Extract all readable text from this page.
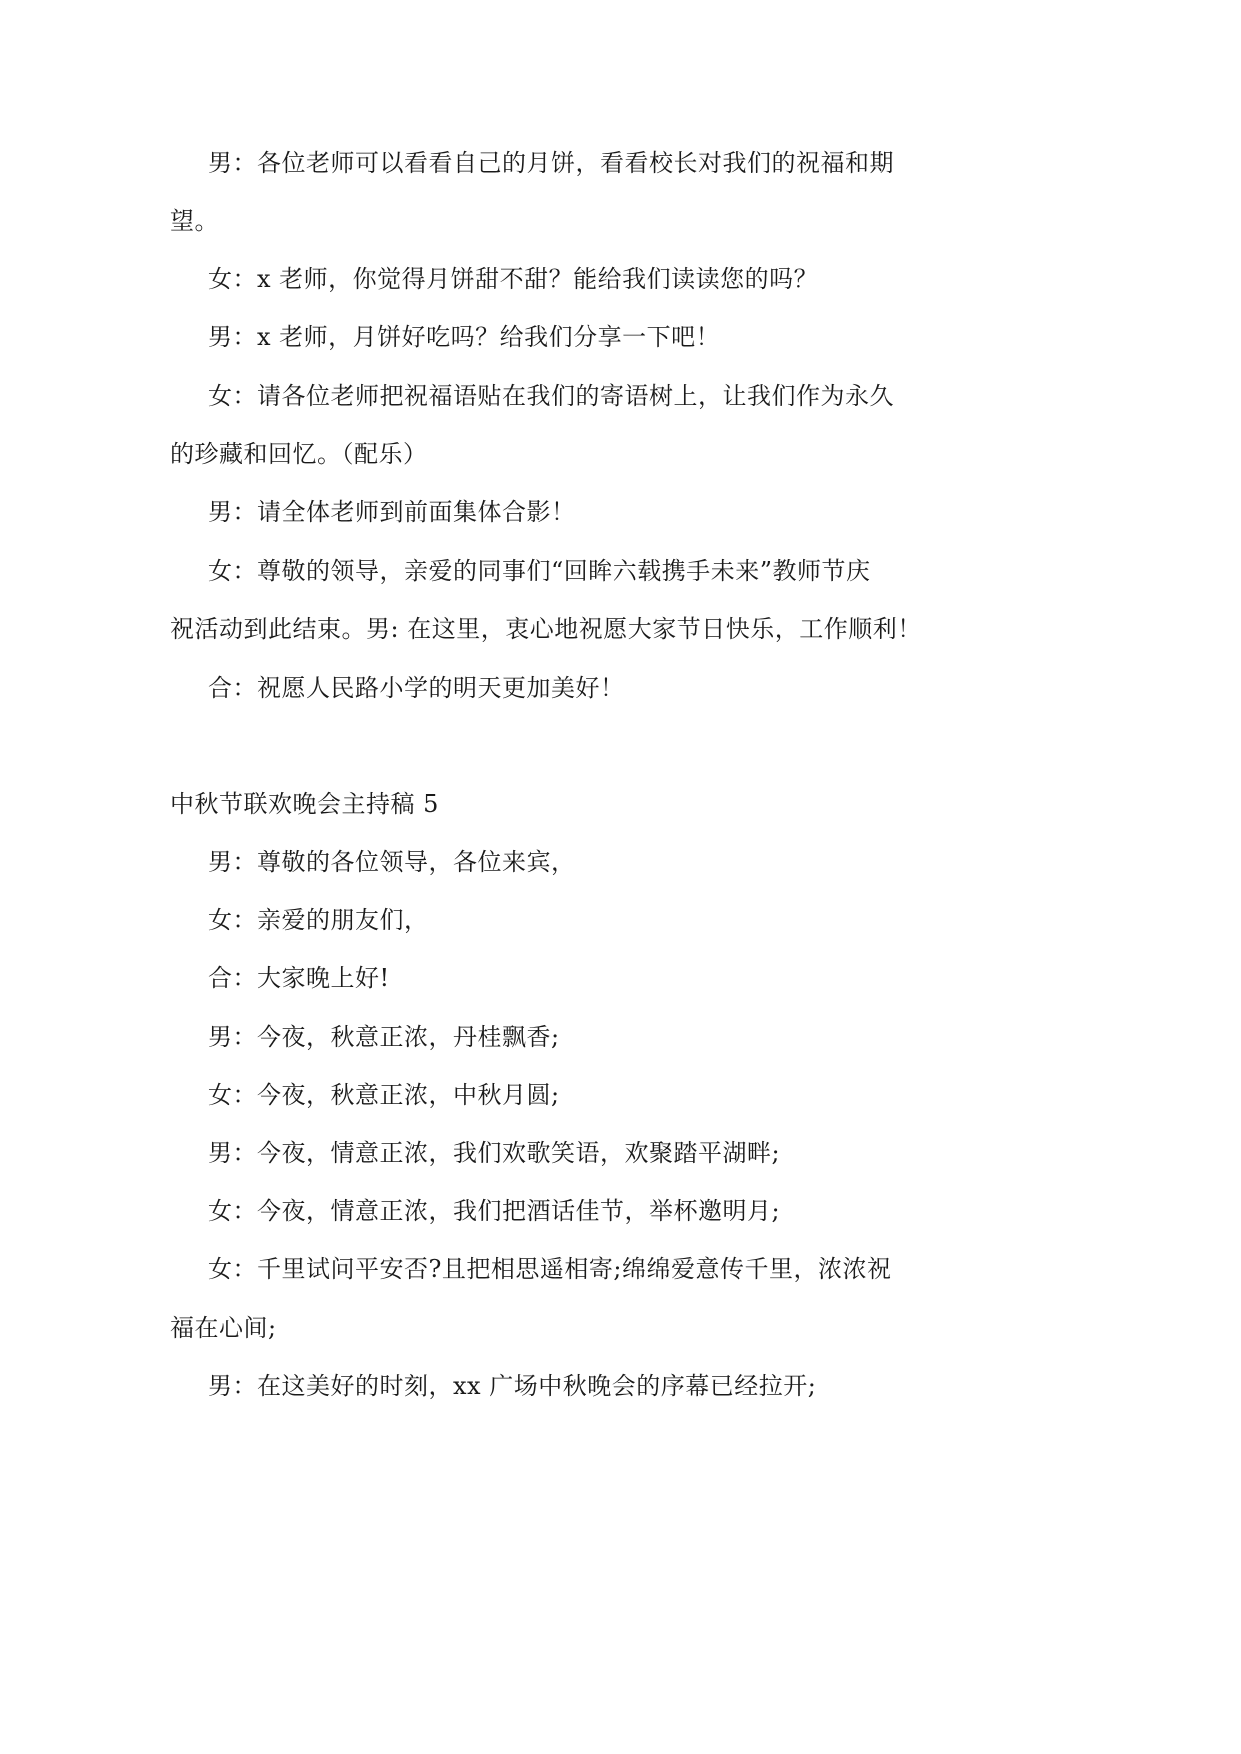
男：各位老师可以看看自己的月饼，看看校长对我们的祝福和期
望。
女：x 老师，你觉得月饼甜不甜？能给我们读读您的吗？
男：x 老师，月饼好吃吗？给我们分享一下吧！
女：请各位老师把祝福语贴在我们的寄语树上，让我们作为永久
的珍藏和回忆。（配乐）
男：请全体老师到前面集体合影！
女：尊敬的领导，亲爱的同事们“回眸六载携手未来”教师节庆
祝活动到此结束。男: 在这里，衷心地祝愿大家节日快乐，工作顺利！
合：祝愿人民路小学的明天更加美好！
中秋节联欢晚会主持稿 5
男：尊敬的各位领导，各位来宾，
女：亲爱的朋友们，
合：大家晚上好!
男：今夜，秋意正浓，丹桂飘香;
女：今夜，秋意正浓，中秋月圆;
男：今夜，情意正浓，我们欢歌笑语，欢聚踏平湖畔;
女：今夜，情意正浓，我们把酒话佳节，举杯邀明月;
女：千里试问平安否?且把相思遥相寄;绵绵爱意传千里，浓浓祝
福在心间;
男：在这美好的时刻，xx 广场中秋晚会的序幕已经拉开;
